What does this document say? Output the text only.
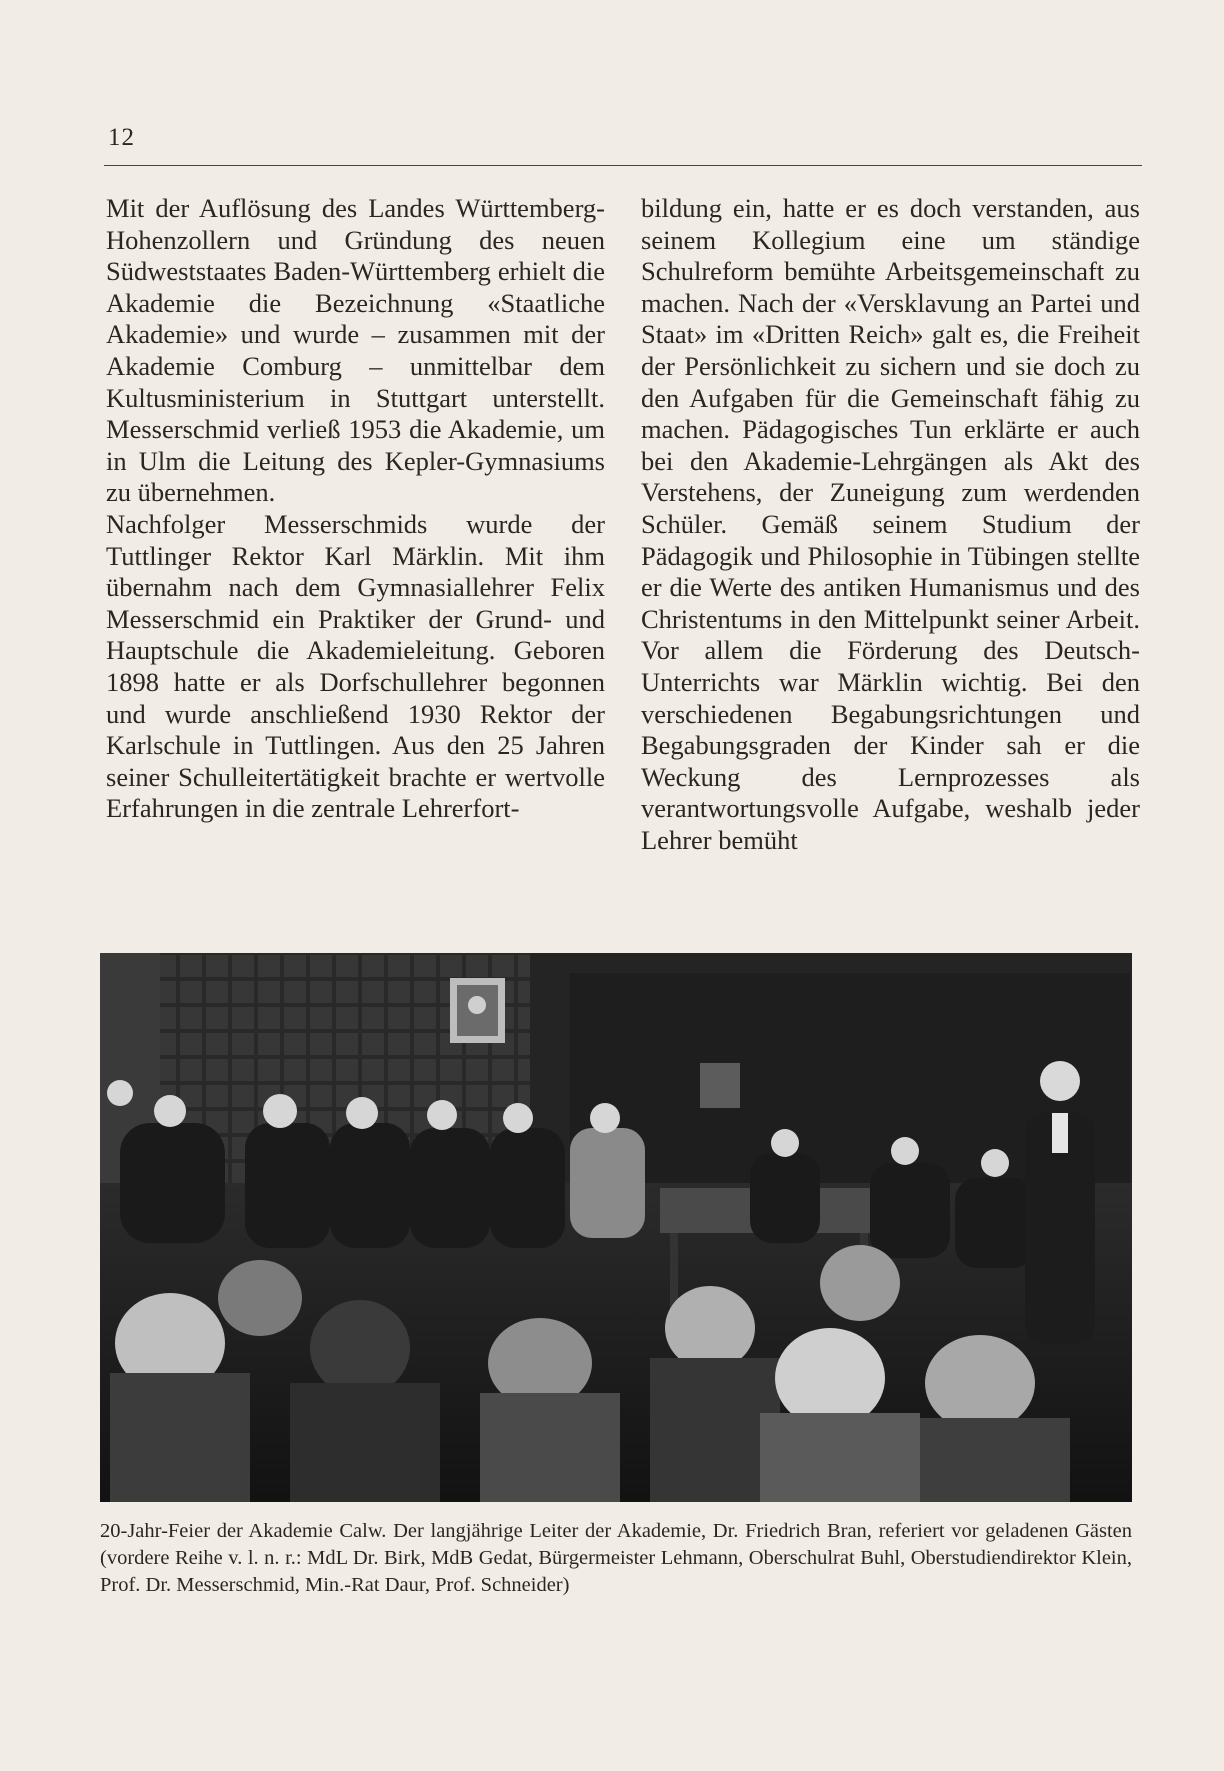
12

Mit der Auflösung des Landes Württemberg-Hohenzollern und Gründung des neuen Südweststaates Baden-Württemberg erhielt die Akademie die Bezeichnung «Staatliche Akademie» und wurde – zusammen mit der Akademie Comburg – unmittelbar dem Kultusministerium in Stuttgart unterstellt. Messerschmid verließ 1953 die Akademie, um in Ulm die Leitung des Kepler-Gymnasiums zu übernehmen.

Nachfolger Messerschmids wurde der Tuttlinger Rektor Karl Märklin. Mit ihm übernahm nach dem Gymnasiallehrer Felix Messerschmid ein Praktiker der Grund- und Hauptschule die Akademieleitung. Geboren 1898 hatte er als Dorfschullehrer begonnen und wurde anschließend 1930 Rektor der Karlschule in Tuttlingen. Aus den 25 Jahren seiner Schulleitertätigkeit brachte er wertvolle Erfahrungen in die zentrale Lehrerfort-

bildung ein, hatte er es doch verstanden, aus seinem Kollegium eine um ständige Schulreform bemühte Arbeitsgemeinschaft zu machen. Nach der «Versklavung an Partei und Staat» im «Dritten Reich» galt es, die Freiheit der Persönlichkeit zu sichern und sie doch zu den Aufgaben für die Gemeinschaft fähig zu machen. Pädagogisches Tun erklärte er auch bei den Akademie-Lehrgängen als Akt des Verstehens, der Zuneigung zum werdenden Schüler. Gemäß seinem Studium der Pädagogik und Philosophie in Tübingen stellte er die Werte des antiken Humanismus und des Christentums in den Mittelpunkt seiner Arbeit. Vor allem die Förderung des Deutsch-Unterrichts war Märklin wichtig. Bei den verschiedenen Begabungsrichtungen und Begabungsgraden der Kinder sah er die Weckung des Lernprozesses als verantwortungsvolle Aufgabe, weshalb jeder Lehrer bemüht

20-Jahr-Feier der Akademie Calw. Der langjährige Leiter der Akademie, Dr. Friedrich Bran, referiert vor geladenen Gästen (vordere Reihe v. l. n. r.: MdL Dr. Birk, MdB Gedat, Bürgermeister Lehmann, Oberschulrat Buhl, Oberstudiendirektor Klein, Prof. Dr. Messerschmid, Min.-Rat Daur, Prof. Schneider)
